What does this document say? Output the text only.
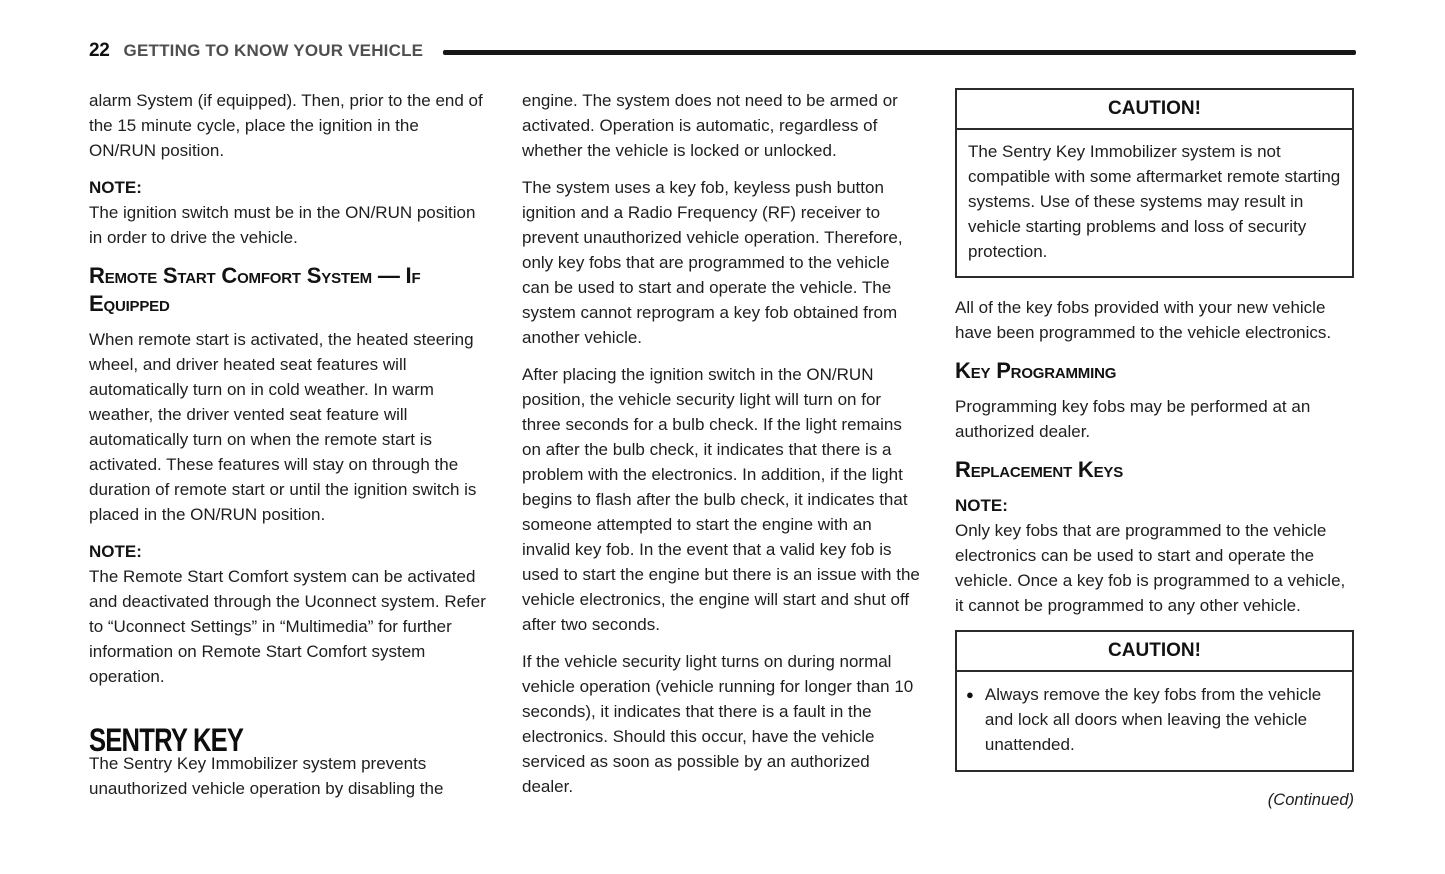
22 GETTING TO KNOW YOUR VEHICLE

alarm System (if equipped). Then, prior to the end of the 15 minute cycle, place the ignition in the ON/RUN position.

NOTE:

The ignition switch must be in the ON/RUN position in order to drive the vehicle.

Remote Start Comfort System — If Equipped

When remote start is activated, the heated steering wheel, and driver heated seat features will automatically turn on in cold weather. In warm weather, the driver vented seat feature will automatically turn on when the remote start is activated. These features will stay on through the duration of remote start or until the ignition switch is placed in the ON/RUN position.

NOTE:

The Remote Start Comfort system can be activated and deactivated through the Uconnect system. Refer to “Uconnect Settings” in “Multimedia” for further information on Remote Start Comfort system operation.

SENTRY KEY

The Sentry Key Immobilizer system prevents unauthorized vehicle operation by disabling the

engine. The system does not need to be armed or activated. Operation is automatic, regardless of whether the vehicle is locked or unlocked.

The system uses a key fob, keyless push button ignition and a Radio Frequency (RF) receiver to prevent unauthorized vehicle operation. Therefore, only key fobs that are programmed to the vehicle can be used to start and operate the vehicle. The system cannot reprogram a key fob obtained from another vehicle.

After placing the ignition switch in the ON/RUN position, the vehicle security light will turn on for three seconds for a bulb check. If the light remains on after the bulb check, it indicates that there is a problem with the electronics. In addition, if the light begins to flash after the bulb check, it indicates that someone attempted to start the engine with an invalid key fob. In the event that a valid key fob is used to start the engine but there is an issue with the vehicle electronics, the engine will start and shut off after two seconds.

If the vehicle security light turns on during normal vehicle operation (vehicle running for longer than 10 seconds), it indicates that there is a fault in the electronics. Should this occur, have the vehicle serviced as soon as possible by an authorized dealer.

CAUTION!
The Sentry Key Immobilizer system is not compatible with some aftermarket remote starting systems. Use of these systems may result in vehicle starting problems and loss of security protection.

All of the key fobs provided with your new vehicle have been programmed to the vehicle electronics.

Key Programming

Programming key fobs may be performed at an authorized dealer.

Replacement Keys

NOTE:

Only key fobs that are programmed to the vehicle electronics can be used to start and operate the vehicle. Once a key fob is programmed to a vehicle, it cannot be programmed to any other vehicle.

CAUTION!
● Always remove the key fobs from the vehicle and lock all doors when leaving the vehicle unattended.
(Continued)
